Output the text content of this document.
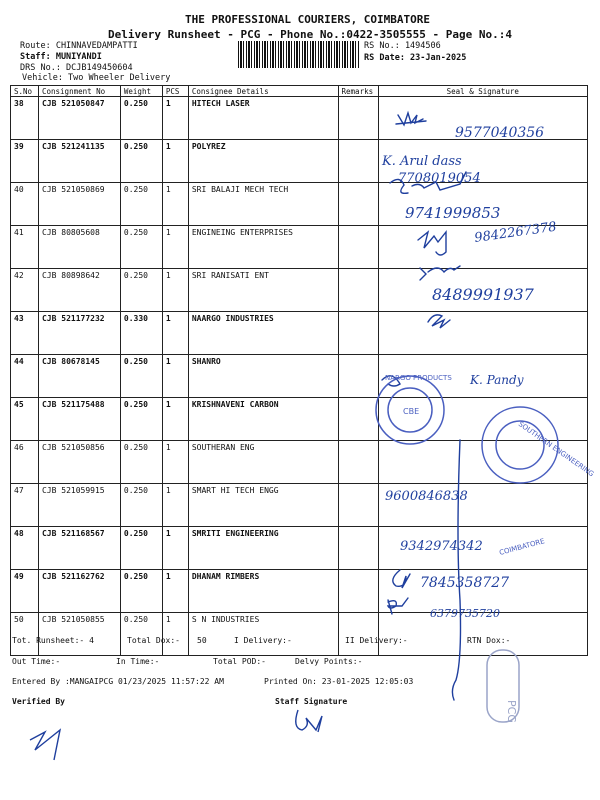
THE PROFESSIONAL COURIERS, COIMBATORE
Delivery Runsheet - PCG - Phone No.:0422-3505555 - Page No.:4
Route: CHINNAVEDAMPATTI
Staff: MUNIYANDI
DRS No.: DCJB149450604
Vehicle: Two Wheeler Delivery
RS No.: 1494506
RS Date: 23-Jan-2025
S.No	Consignment No	Weight	PCS	Consignee Details	Remarks	Seal & Signature
38	CJB 521050847	0.250	1	HITECH LASER		
39	CJB 521241135	0.250	1	POLYREZ		
40	CJB 521050869	0.250	1	SRI BALAJI MECH TECH		
41	CJB 80805608	0.250	1	ENGINEING ENTERPRISES		
42	CJB 80898642	0.250	1	SRI RANISATI ENT		
43	CJB 521177232	0.330	1	NAARGO INDUSTRIES		
44	CJB 80678145	0.250	1	SHANRO		
45	CJB 521175488	0.250	1	KRISHNAVENI CARBON		
46	CJB 521050856	0.250	1	SOUTHERAN ENG		
47	CJB 521059915	0.250	1	SMART HI TECH ENGG		
48	CJB 521168567	0.250	1	SMRITI ENGINEERING		
49	CJB 521162762	0.250	1	DHANAM RIMBERS		
50	CJB 521050855	0.250	1	S N INDUSTRIES		
9577040356
K. Arul dass
7708019054
9741999853
9842267378
8489991937
K. Pandy
9600846838
9342974342
7845358727
6379735720
NARGO PRODUCTS
CBE
SOUTHERN ENGINEERING
COIMBATORE
PCG
Tot. Runsheet:- 4	Total Dox:- 50	I Delivery:-	II Delivery:-	RTN Dox:-
Out Time:-	In Time:-	Total POD:-	Delvy Points:-
Entered By :MANGAIPCG 01/23/2025 11:57:22 AM	Printed On: 23-01-2025 12:05:03
Verified By	Staff Signature
